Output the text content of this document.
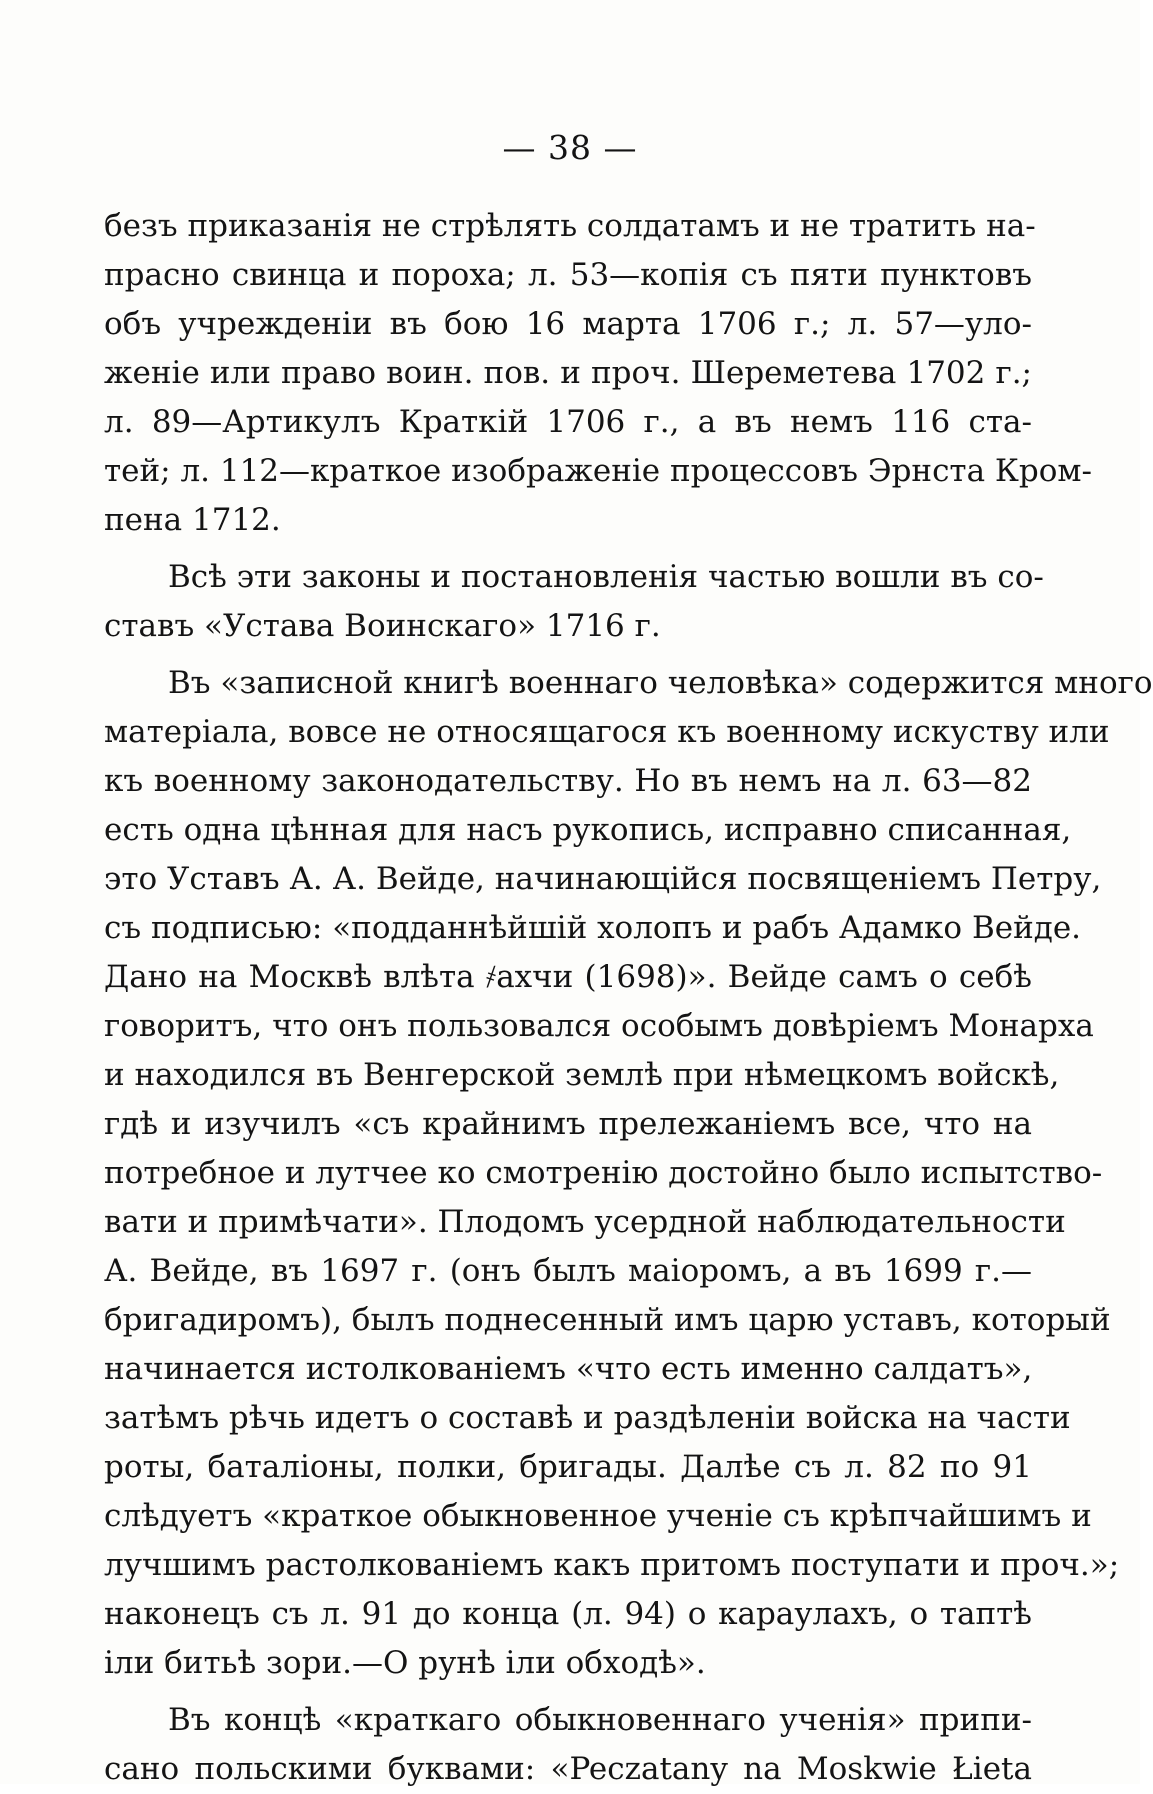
— 38 —
безъ приказанія не стрѣлять солдатамъ и не тратить на-
прасно свинца и пороха; л. 53—копія съ пяти пунктовъ
объ учрежденіи въ бою 16 марта 1706 г.; л. 57—уло-
женіе или право воин. пов. и проч. Шереметева 1702 г.;
л. 89—Артикулъ Краткій 1706 г., а въ немъ 116 ста-
тей; л. 112—краткое изображеніе процессовъ Эрнста Кром-
пена 1712.
Всѣ эти законы и постановленія частью вошли въ со-
ставъ «Устава Воинскаго» 1716 г.
Въ «записной книгѣ военнаго человѣка» содержится много
матеріала, вовсе не относящагося къ военному искуству или
къ военному законодательству. Но въ немъ на л. 63—82
есть одна цѣнная для насъ рукопись, исправно списанная,
это Уставъ А. А. Вейде, начинающійся посвященіемъ Петру,
съ подписью: «подданнѣйшій холопъ и рабъ Адамко Вейде.
Дано на Москвѣ влѣта ҂ахчи (1698)». Вейде самъ о себѣ
говоритъ, что онъ пользовался особымъ довѣріемъ Монарха
и находился въ Венгерской землѣ при нѣмецкомъ войскѣ,
гдѣ и изучилъ «съ крайнимъ прележаніемъ все, что на
потребное и лутчее ко смотренію достойно было испытство-
вати и примѣчати». Плодомъ усердной наблюдательности
А. Вейде, въ 1697 г. (онъ былъ маіоромъ, а въ 1699 г.—
бригадиромъ), былъ поднесенный имъ царю уставъ, который
начинается истолкованіемъ «что есть именно салдатъ»,
затѣмъ рѣчь идетъ о составѣ и раздѣленіи войска на части
роты, баталіоны, полки, бригады. Далѣе съ л. 82 по 91
слѣдуетъ «краткое обыкновенное ученіе съ крѣпчайшимъ и
лучшимъ растолкованіемъ какъ притомъ поступати и проч.»;
наконецъ съ л. 91 до конца (л. 94) о караулахъ, о таптѣ
іли битьѣ зори.—О рунѣ іли обходѣ».
Въ концѣ «краткаго обыкновеннаго ученія» припи-
сано польскими буквами: «Peczatany na Moskwie Łieta
